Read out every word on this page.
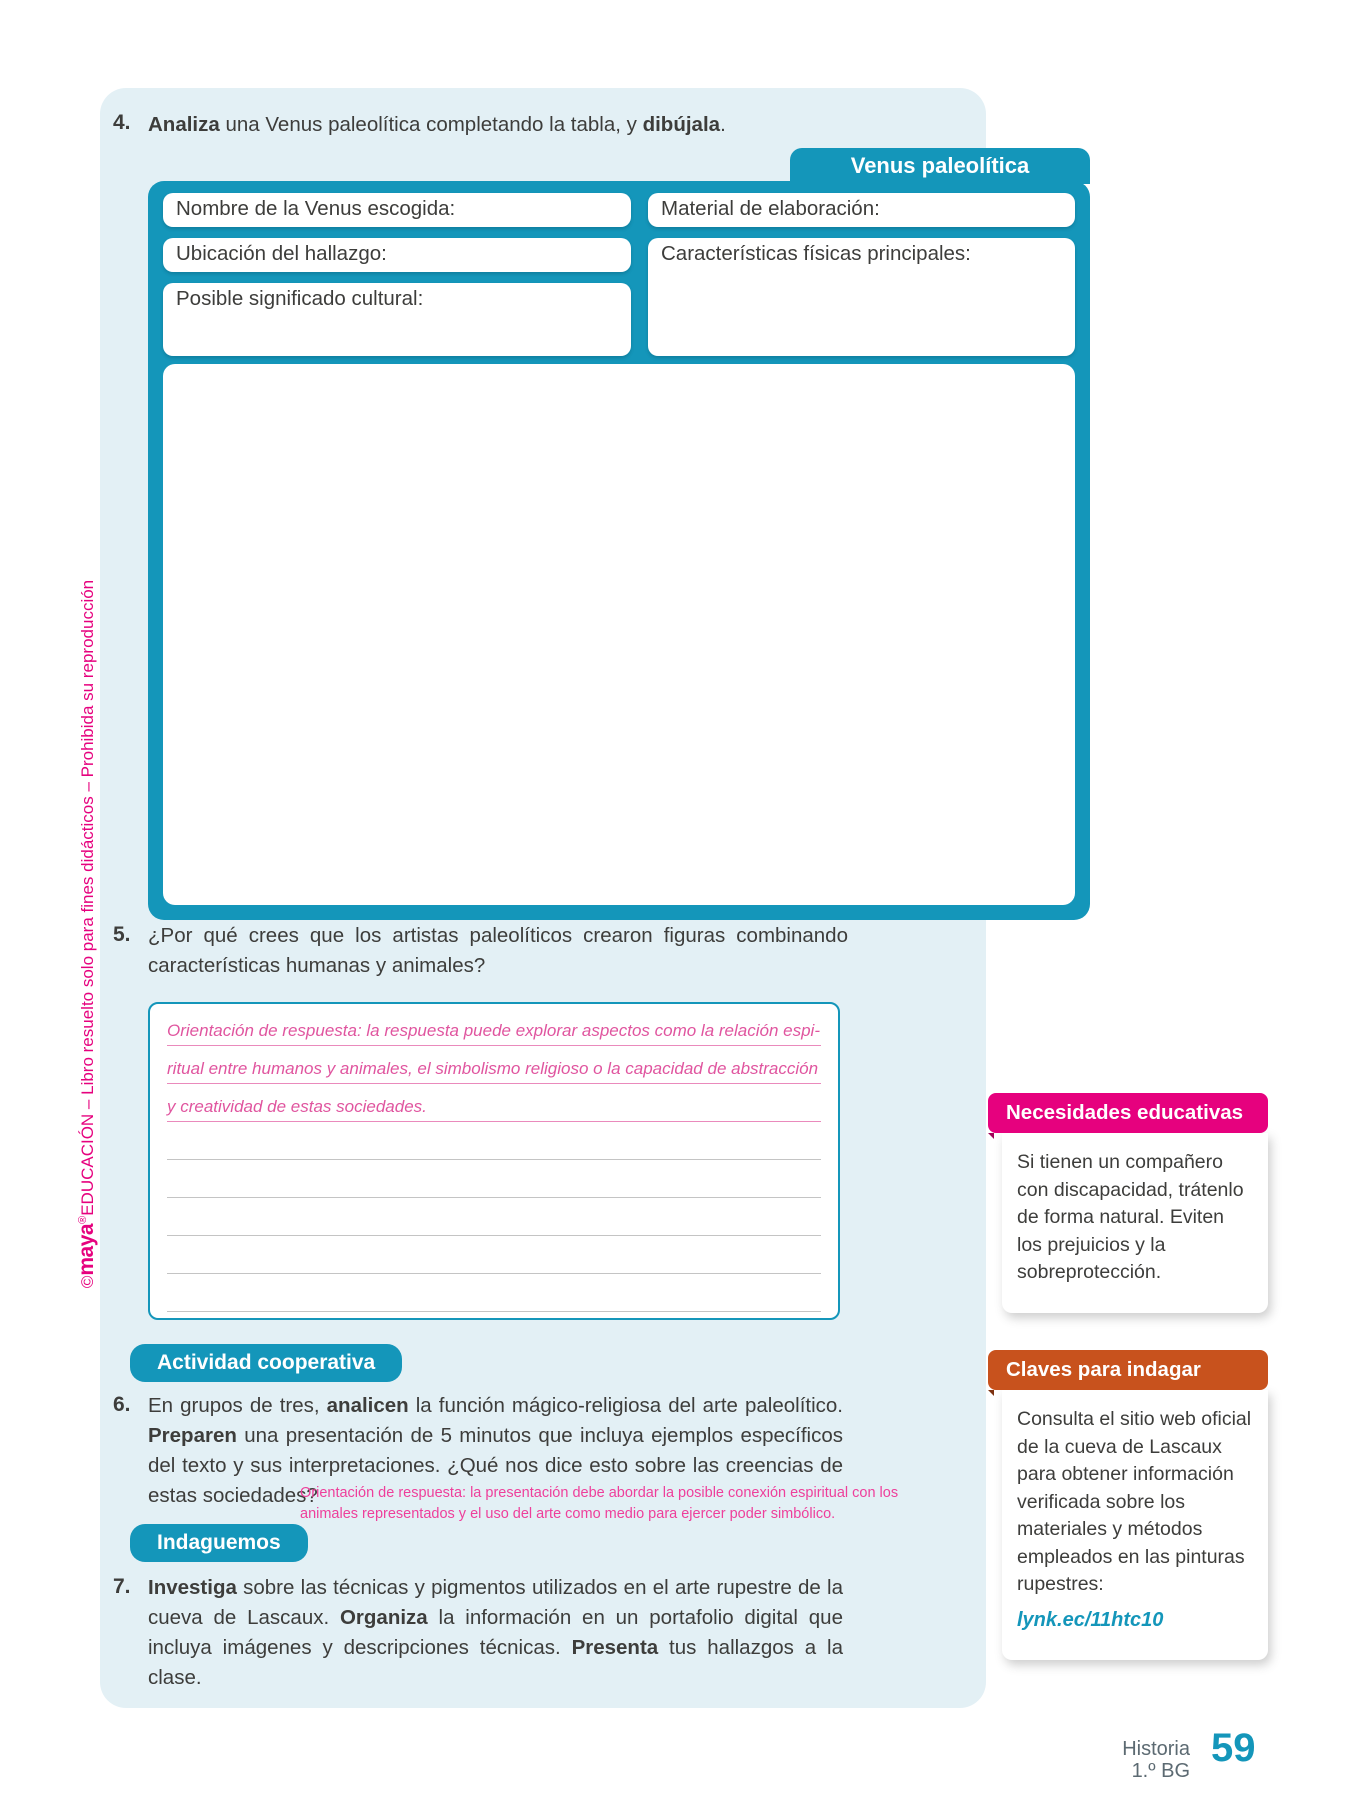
©maya®EDUCACIÓN – Libro resuelto solo para fines didácticos – Prohibida su reproducción
4. Analiza una Venus paleolítica completando la tabla, y dibújala.
Venus paleolítica
Nombre de la Venus escogida:	Material de elaboración:
Ubicación del hallazgo:	Características físicas principales:
Posible significado cultural:
5. ¿Por qué crees que los artistas paleolíticos crearon figuras combinando características humanas y animales?
Orientación de respuesta: la respuesta puede explorar aspectos como la relación espi-
ritual entre humanos y animales, el simbolismo religioso o la capacidad de abstracción
y creatividad de estas sociedades.	Necesidades educativas
Si tienen un compañero con discapacidad, trátenlo de forma natural. Eviten los prejuicios y la sobreprotección.
Actividad cooperativa
6. En grupos de tres, analicen la función mágico-religiosa del arte paleolítico. Preparen una presentación de 5 minutos que incluya ejemplos específicos del texto y sus interpretaciones. ¿Qué nos dice esto sobre las creencias de estas sociedades?
Orientación de respuesta: la presentación debe abordar la posible conexión espiritual con los animales representados y el uso del arte como medio para ejercer poder simbólico.
Claves para indagar
Consulta el sitio web oficial de la cueva de Lascaux para obtener información verificada sobre los materiales y métodos empleados en las pinturas rupestres: lynk.ec/11htc10
Indaguemos
7. Investiga sobre las técnicas y pigmentos utilizados en el arte rupestre de la cueva de Lascaux. Organiza la información en un portafolio digital que incluya imágenes y descripciones técnicas. Presenta tus hallazgos a la clase.
Historia
1.º BG
59
